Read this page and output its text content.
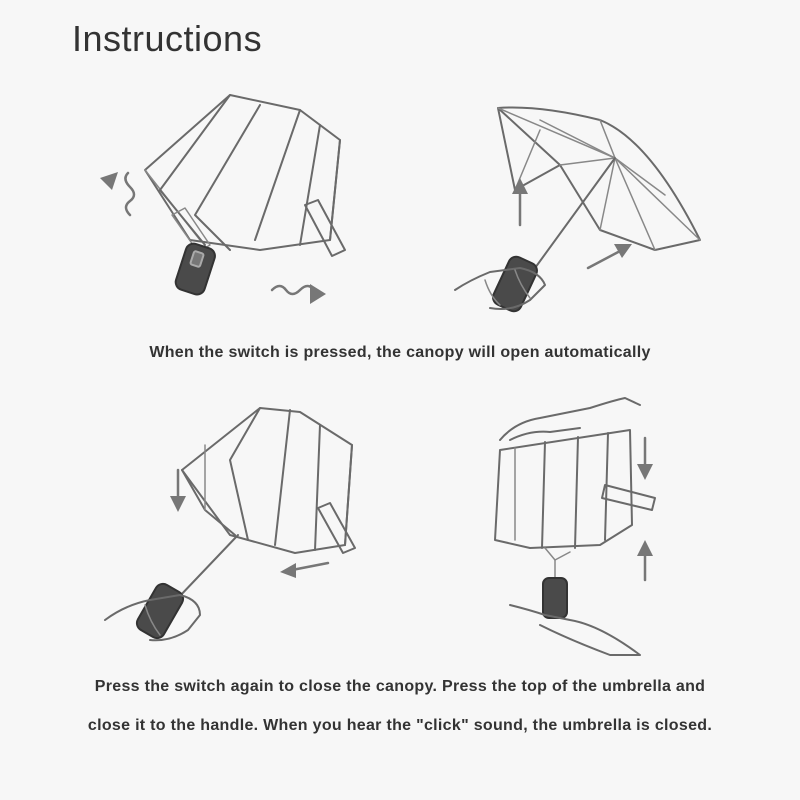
Instructions
When the switch is pressed, the canopy will open automatically
Press the switch again to close the canopy. Press the top of the umbrella and
close it to the handle. When you hear the "click" sound, the umbrella is closed.
